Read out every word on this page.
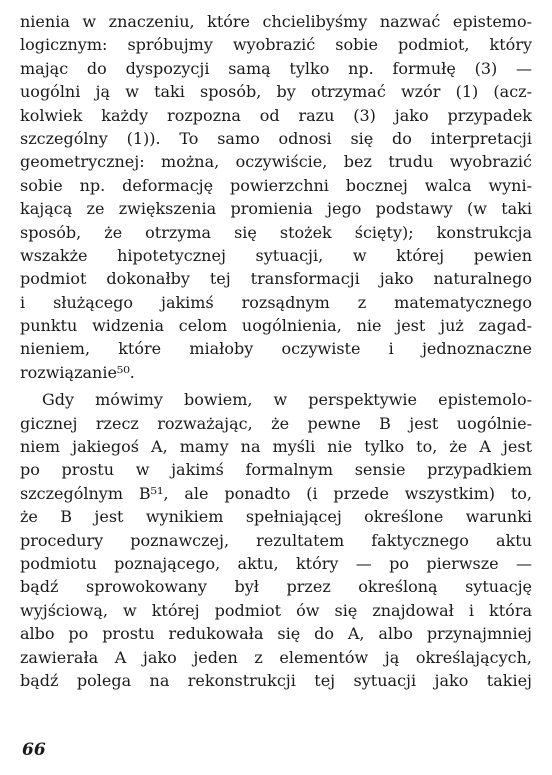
nienia w znaczeniu, które chcielibyśmy nazwać epistemo-
logicznym: spróbujmy wyobrazić sobie podmiot, który
mając do dyspozycji samą tylko np. formułę (3) —
uogólni ją w taki sposób, by otrzymać wzór (1) (acz-
kolwiek każdy rozpozna od razu (3) jako przypadek
szczególny (1)). To samo odnosi się do interpretacji
geometrycznej: można, oczywiście, bez trudu wyobrazić
sobie np. deformację powierzchni bocznej walca wyni-
kającą ze zwiększenia promienia jego podstawy (w taki
sposób, że otrzyma się stożek ścięty); konstrukcja
wszakże hipotetycznej sytuacji, w której pewien
podmiot dokonałby tej transformacji jako naturalnego
i służącego jakimś rozsądnym z matematycznego
punktu widzenia celom uogólnienia, nie jest już zagad-
nieniem, które miałoby oczywiste i jednoznaczne
rozwiązanie⁵⁰.
Gdy mówimy bowiem, w perspektywie epistemolo-
gicznej rzecz rozważając, że pewne B jest uogólnie-
niem jakiegoś A, mamy na myśli nie tylko to, że A jest
po prostu w jakimś formalnym sensie przypadkiem
szczególnym B⁵¹, ale ponadto (i przede wszystkim) to,
że B jest wynikiem spełniającej określone warunki
procedury poznawczej, rezultatem faktycznego aktu
podmiotu poznającego, aktu, który — po pierwsze —
bądź sprowokowany był przez określoną sytuację
wyjściową, w której podmiot ów się znajdował i która
albo po prostu redukowała się do A, albo przynajmniej
zawierała A jako jeden z elementów ją określających,
bądź polega na rekonstrukcji tej sytuacji jako takiej
66
